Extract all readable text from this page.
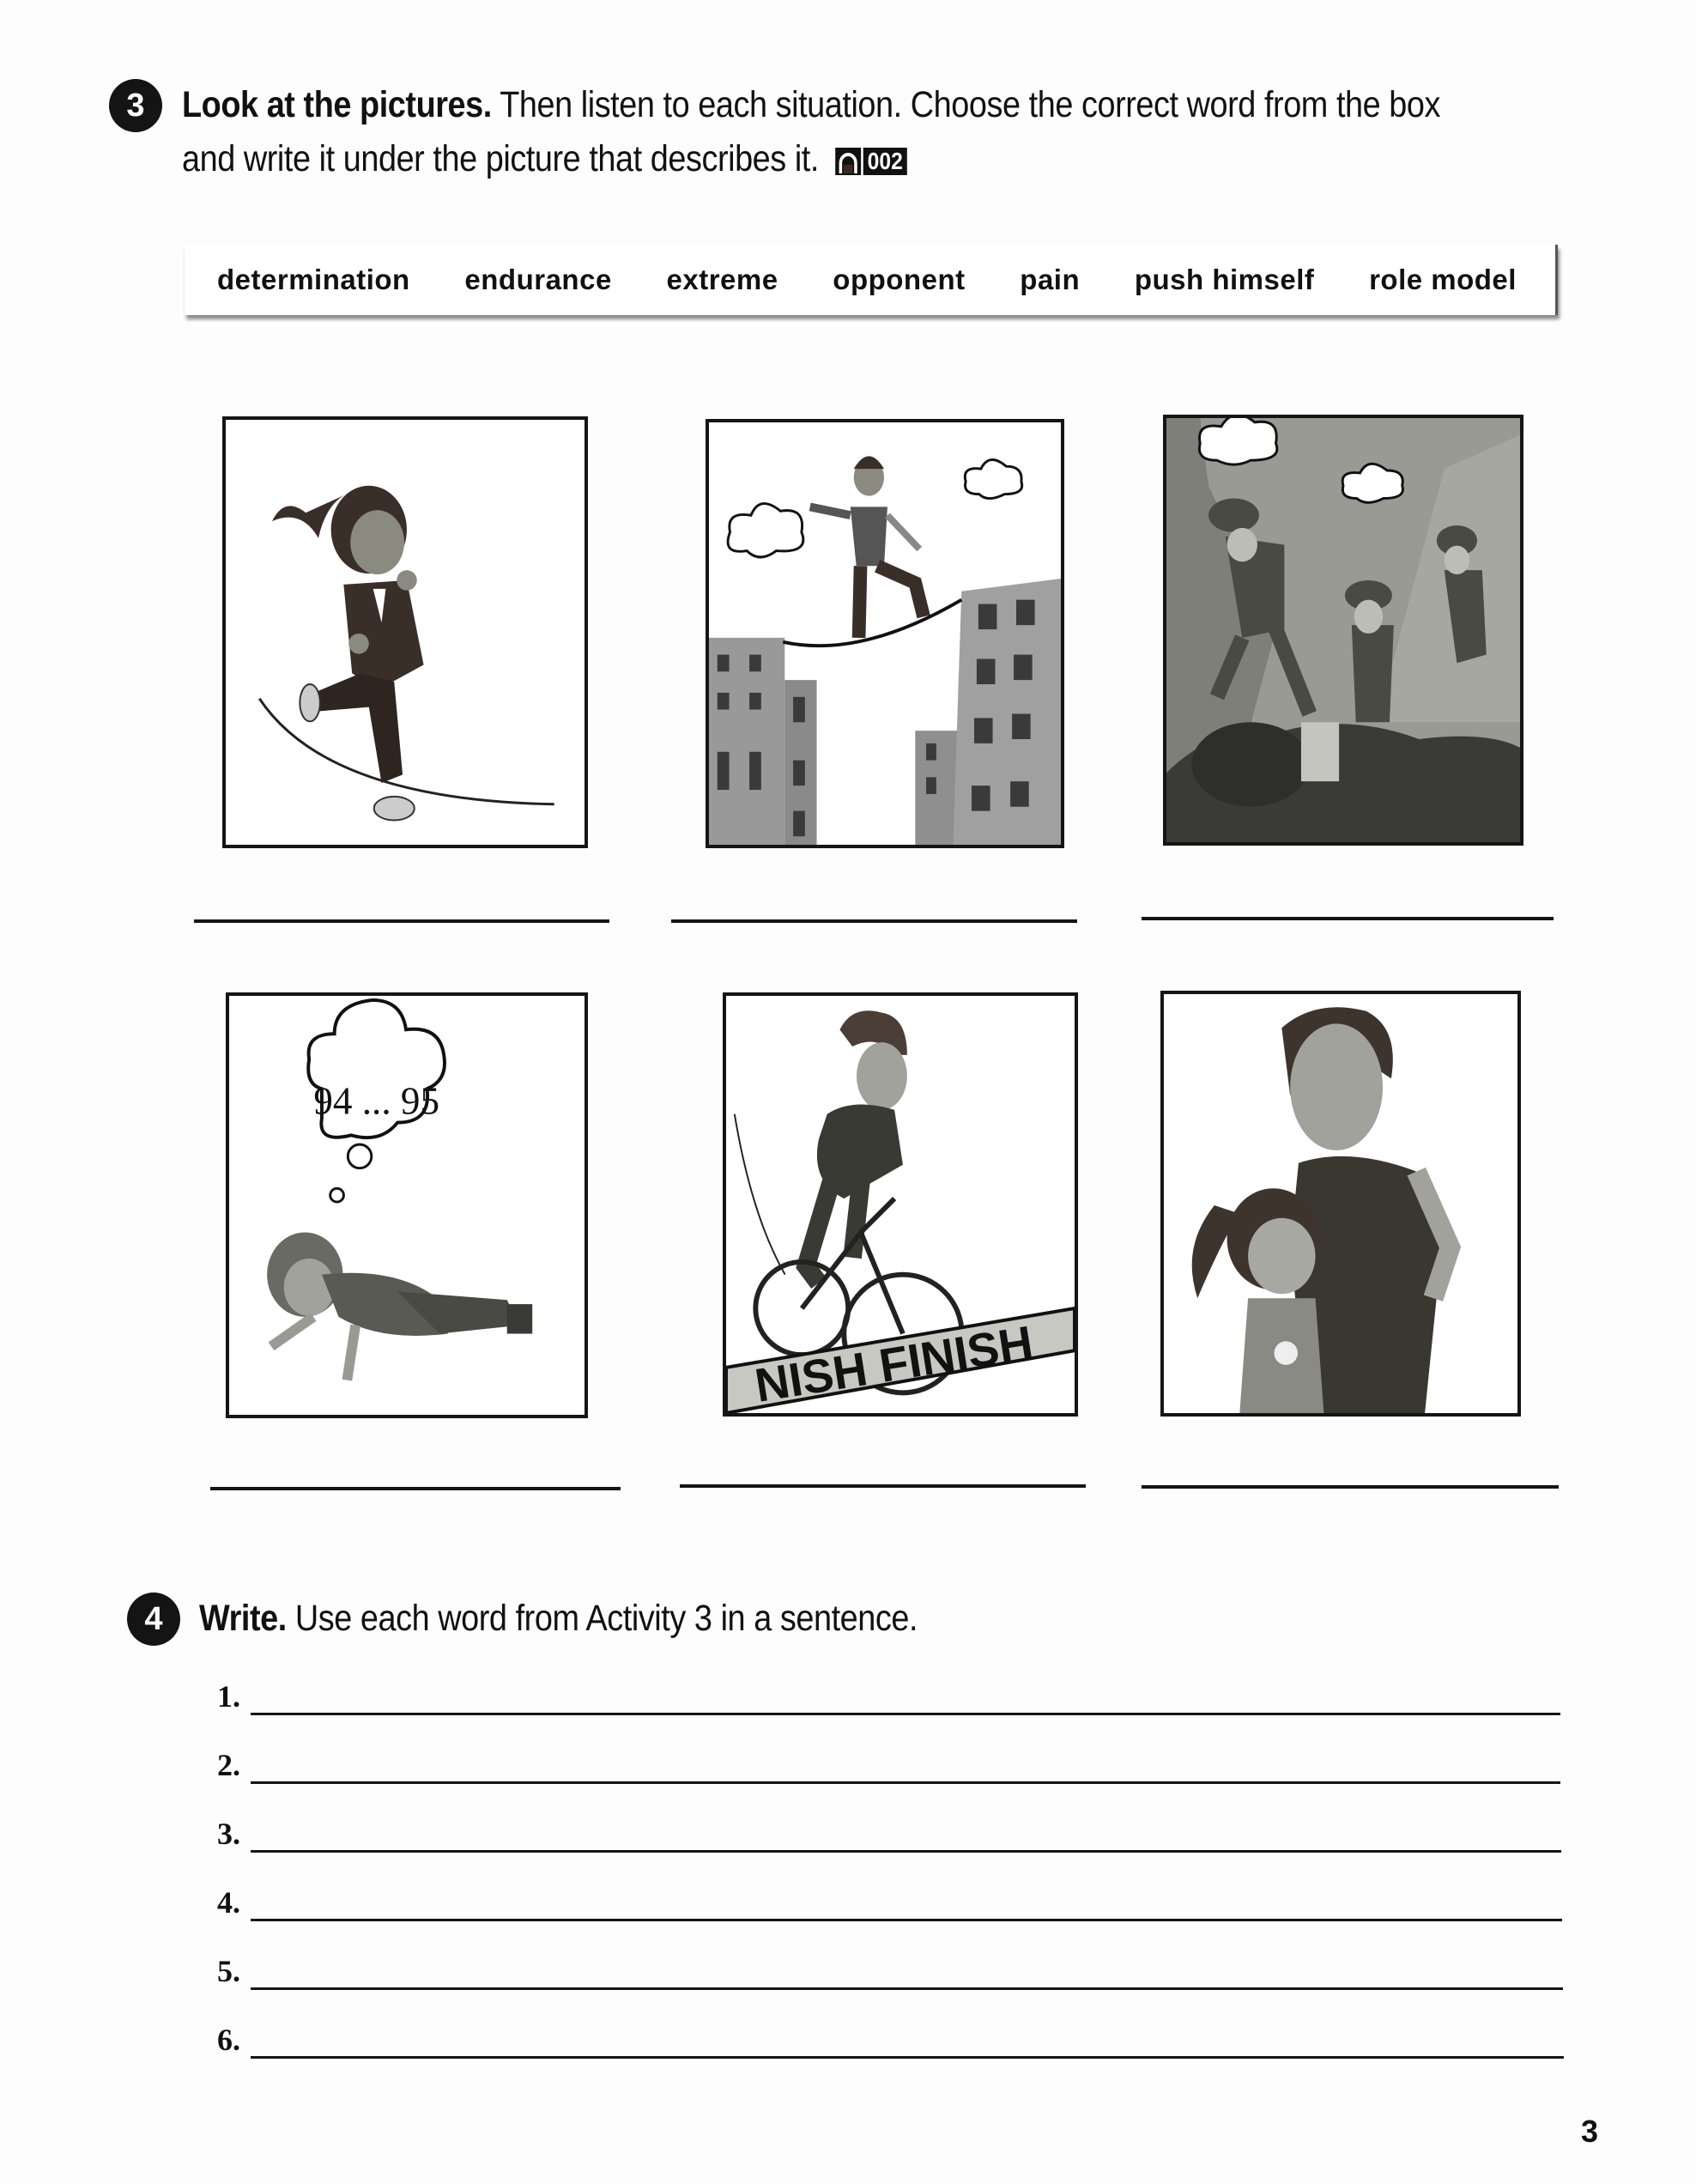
3 Look at the pictures. Then listen to each situation. Choose the correct word from the box
and write it under the picture that describes it. 002
determination endurance extreme opponent pain push himself role model
94 ... 95
NISH FINISH
4 Write. Use each word from Activity 3 in a sentence.
1.
2.
3.
4.
5.
6.
3
